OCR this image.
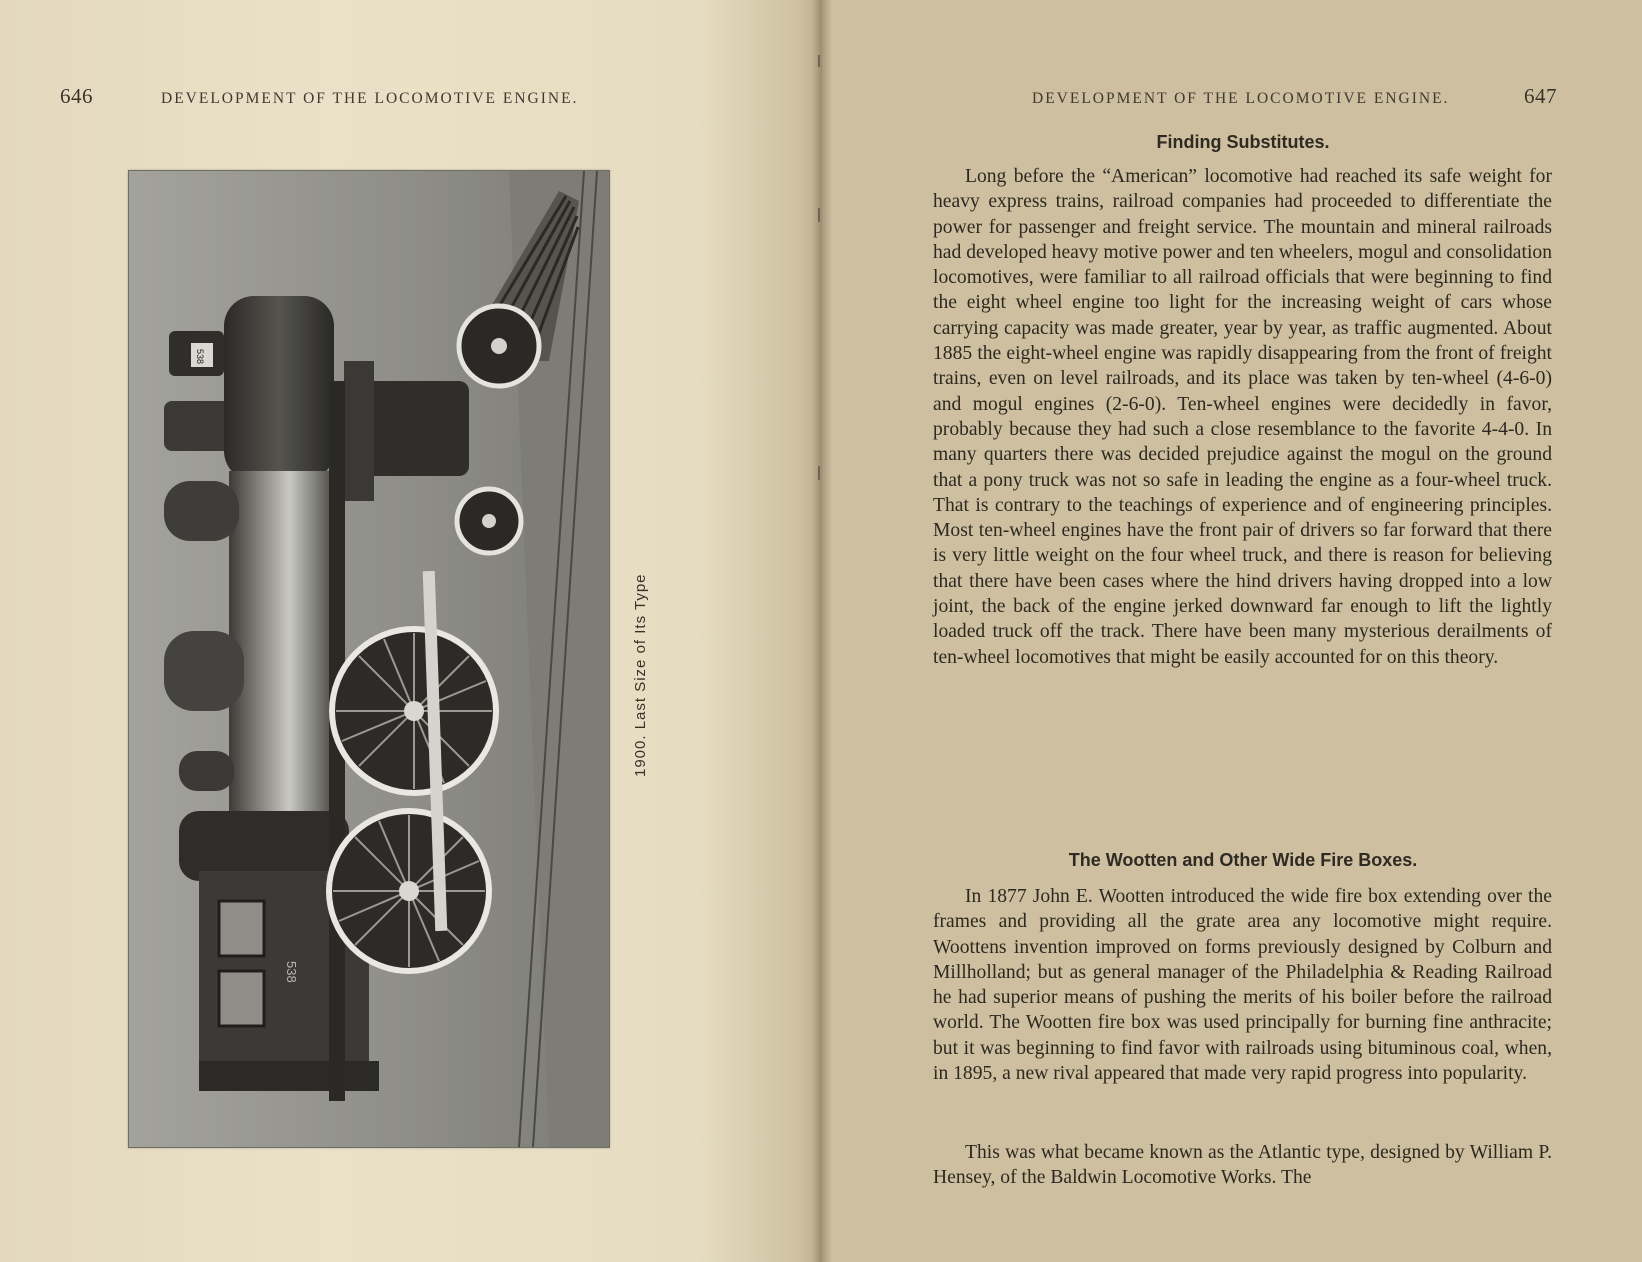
646	DEVELOPMENT OF THE LOCOMOTIVE ENGINE.
538
538
1900. Last Size of Its Type
DEVELOPMENT OF THE LOCOMOTIVE ENGINE.	647
Finding Substitutes.

Long before the “American” locomotive had reached its safe weight for heavy express trains, railroad companies had proceeded to differentiate the power for passenger and freight service. The mountain and mineral railroads had developed heavy motive power and ten wheelers, mogul and consolidation locomotives, were familiar to all railroad officials that were beginning to find the eight wheel engine too light for the increasing weight of cars whose carrying capacity was made greater, year by year, as traffic augmented. About 1885 the eight-wheel engine was rapidly disappearing from the front of freight trains, even on level railroads, and its place was taken by ten-wheel (4-6-0) and mogul engines (2-6-0). Ten-wheel engines were decidedly in favor, probably because they had such a close resemblance to the favorite 4-4-0. In many quarters there was decided prejudice against the mogul on the ground that a pony truck was not so safe in leading the engine as a four-wheel truck. That is contrary to the teachings of experience and of engineering principles. Most ten-wheel engines have the front pair of drivers so far forward that there is very little weight on the four wheel truck, and there is reason for believing that there have been cases where the hind drivers having dropped into a low joint, the back of the engine jerked downward far enough to lift the lightly loaded truck off the track. There have been many mysterious derailments of ten-wheel locomotives that might be easily accounted for on this theory.

The Wootten and Other Wide Fire Boxes.

In 1877 John E. Wootten introduced the wide fire box extending over the frames and providing all the grate area any locomotive might require. Woottens invention improved on forms previously designed by Colburn and Millholland; but as general manager of the Philadelphia & Reading Railroad he had superior means of pushing the merits of his boiler before the railroad world. The Wootten fire box was used principally for burning fine anthracite; but it was beginning to find favor with railroads using bituminous coal, when, in 1895, a new rival appeared that made very rapid progress into popularity.

This was what became known as the Atlantic type, designed by William P. Hensey, of the Baldwin Locomotive Works. The
